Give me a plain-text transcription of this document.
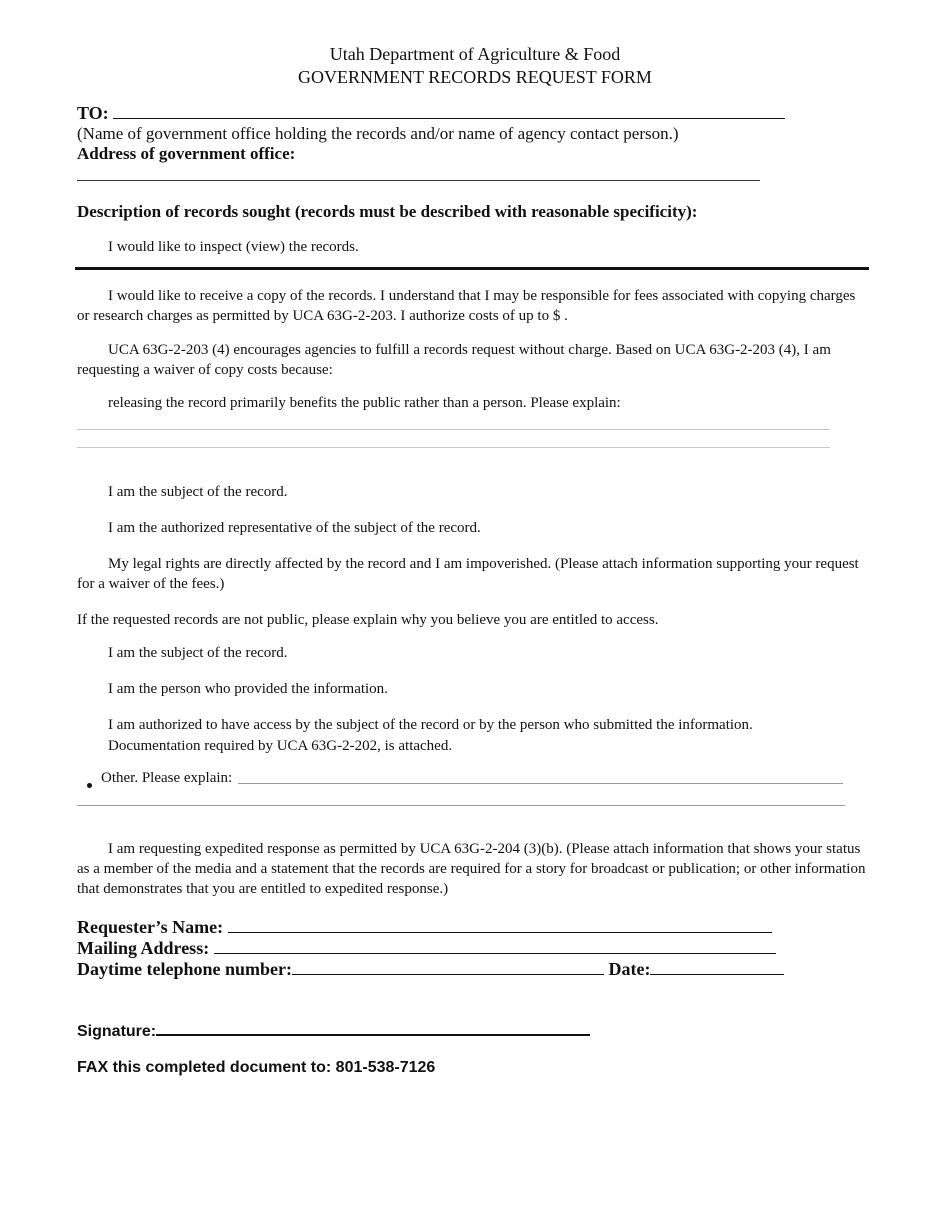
Utah Department of Agriculture & Food
GOVERNMENT RECORDS REQUEST FORM
TO:
(Name of government office holding the records and/or name of agency contact person.)
Address of government office:
Description of records sought (records must be described with reasonable specificity):
I would like to inspect (view) the records.
I would like to receive a copy of the records. I understand that I may be responsible for fees associated with copying charges or research charges as permitted by UCA 63G-2-203. I authorize costs of up to $ .
UCA 63G-2-203 (4) encourages agencies to fulfill a records request without charge. Based on UCA 63G-2-203 (4), I am requesting a waiver of copy costs because:
releasing the record primarily benefits the public rather than a person. Please explain:
I am the subject of the record.
I am the authorized representative of the subject of the record.
My legal rights are directly affected by the record and I am impoverished. (Please attach information supporting your request for a waiver of the fees.)
If the requested records are not public, please explain why you believe you are entitled to access.
I am the subject of the record.
I am the person who provided the information.
I am authorized to have access by the subject of the record or by the person who submitted the information.
Documentation required by UCA 63G-2-202, is attached.
Other. Please explain:
I am requesting expedited response as permitted by UCA 63G-2-204 (3)(b). (Please attach information that shows your status as a member of the media and a statement that the records are required for a story for broadcast or publication; or other information that demonstrates that you are entitled to expedited response.)
Requester’s Name:
Mailing Address:
Daytime telephone number:	Date:
Signature:
FAX this completed document to: 801-538-7126
